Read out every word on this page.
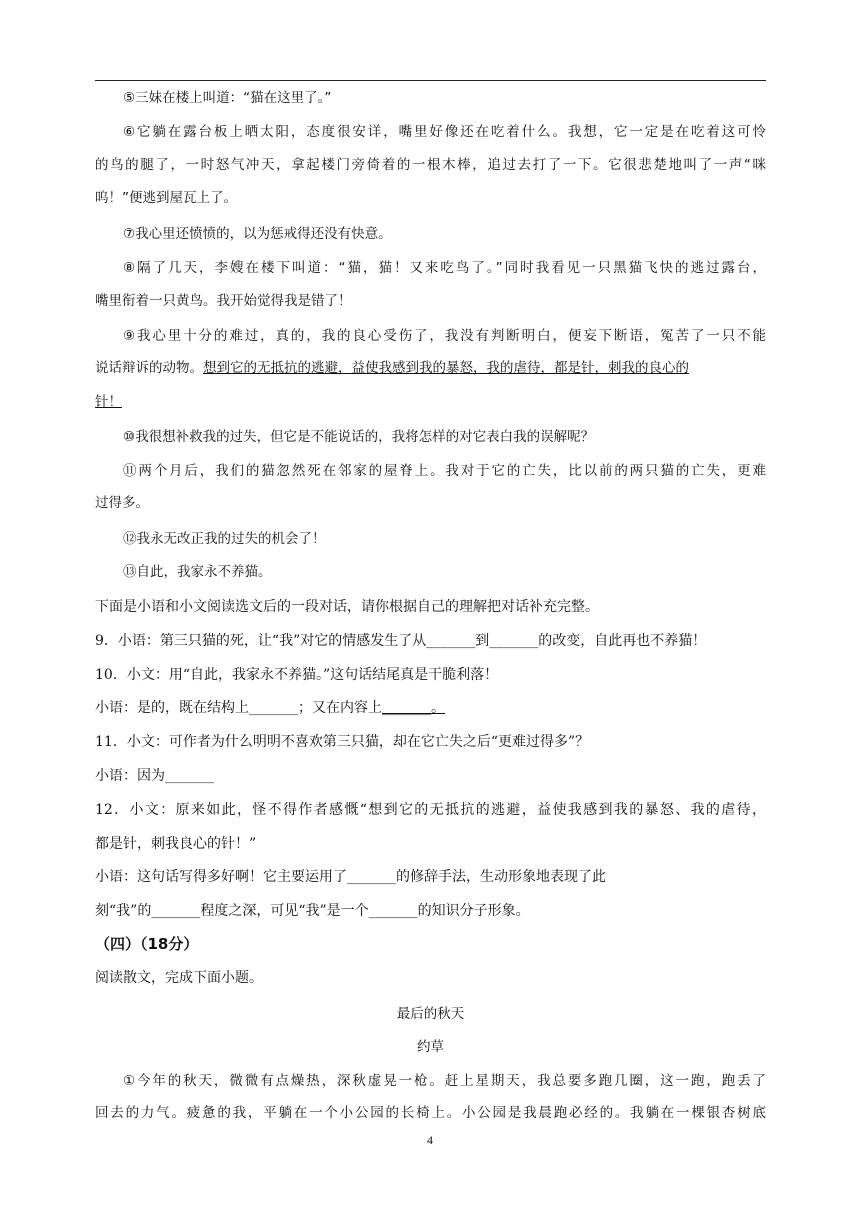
⑤三妹在楼上叫道：“猫在这里了。”
⑥它躺在露台板上晒太阳，态度很安详，嘴里好像还在吃着什么。我想，它一定是在吃着这可怜
的鸟的腿了，一时怒气冲天，拿起楼门旁倚着的一根木棒，追过去打了一下。它很悲楚地叫了一声“咪
呜！”便逃到屋瓦上了。
⑦我心里还愤愤的，以为惩戒得还没有快意。
⑧隔了几天，李嫂在楼下叫道：“猫，猫！又来吃鸟了。”同时我看见一只黑猫飞快的逃过露台，
嘴里衔着一只黄鸟。我开始觉得我是错了！
⑨我心里十分的难过，真的，我的良心受伤了，我没有判断明白，便妄下断语，冤苦了一只不能
说话辩诉的动物。想到它的无抵抗的逃避，益使我感到我的暴怒，我的虐待，都是针，刺我的良心的
针！
⑩我很想补救我的过失，但它是不能说话的，我将怎样的对它表白我的误解呢？
⑪两个月后，我们的猫忽然死在邻家的屋脊上。我对于它的亡失，比以前的两只猫的亡失，更难
过得多。
⑫我永无改正我的过失的机会了！
⑬自此，我家永不养猫。
下面是小语和小文阅读选文后的一段对话，请你根据自己的理解把对话补充完整。
9．小语：第三只猫的死，让“我”对它的情感发生了从_______到_______的改变，自此再也不养猫！
10．小文：用“自此，我家永不养猫。”这句话结尾真是干脆利落！
小语：是的，既在结构上_______；又在内容上_______。
11．小文：可作者为什么明明不喜欢第三只猫，却在它亡失之后“更难过得多”？
小语：因为_______
12．小文：原来如此，怪不得作者感慨“想到它的无抵抗的逃避，益使我感到我的暴怒、我的虐待，
都是针，刺我良心的针！”
小语：这句话写得多好啊！它主要运用了_______的修辞手法，生动形象地表现了此
刻“我”的_______程度之深，可见“我”是一个_______的知识分子形象。
（四）（18分）
阅读散文，完成下面小题。
最后的秋天
约草
①今年的秋天，微微有点燥热，深秋虚晃一枪。赶上星期天，我总要多跑几圈，这一跑，跑丢了
回去的力气。疲惫的我，平躺在一个小公园的长椅上。小公园是我晨跑必经的。我躺在一棵银杏树底
4
